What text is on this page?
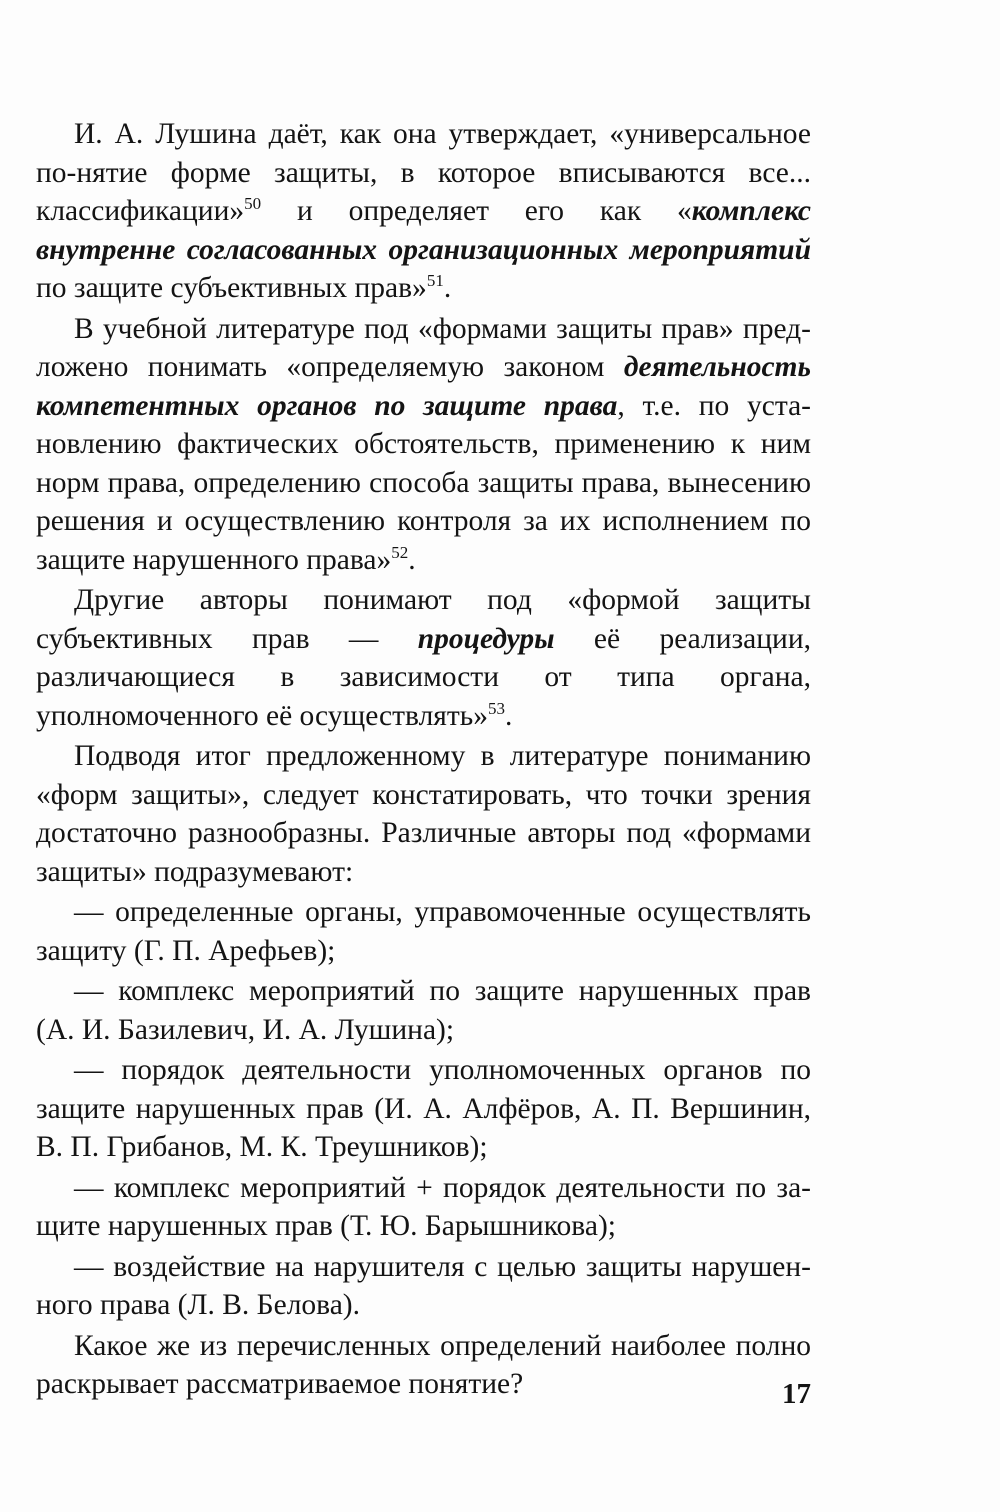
И. А. Лушина даёт, как она утверждает, «универсальное по-нятие форме защиты, в которое вписываются все... классификации»$^{50}$ и определяет его как «комплекс внутренне согласованных организационных мероприятий по защите субъективных прав»$^{51}$.

В учебной литературе под «формами защиты прав» предложено понимать «определяемую законом деятельность компетентных органов по защите права, т.е. по установлению фактических обстоятельств, применению к ним норм права, определению способа защиты права, вынесению решения и осуществлению контроля за их исполнением по защите нарушенного права»$^{52}$.

Другие авторы понимают под «формой защиты субъективных прав — процедуры её реализации, различающиеся в зависимости от типа органа, уполномоченного её осуществлять»$^{53}$.

Подводя итог предложенному в литературе пониманию «форм защиты», следует констатировать, что точки зрения достаточно разнообразны. Различные авторы под «формами защиты» подразумевают:

— определенные органы, управомоченные осуществлять защиту (Г. П. Арефьев);

— комплекс мероприятий по защите нарушенных прав (А. И. Базилевич, И. А. Лушина);

— порядок деятельности уполномоченных органов по защите нарушенных прав (И. А. Алфёров, А. П. Вершинин, В. П. Грибанов, М. К. Треушников);

— комплекс мероприятий + порядок деятельности по защите нарушенных прав (Т. Ю. Барышникова);

— воздействие на нарушителя с целью защиты нарушенного права (Л. В. Белова).

Какое же из перечисленных определений наиболее полно раскрывает рассматриваемое понятие?	17
